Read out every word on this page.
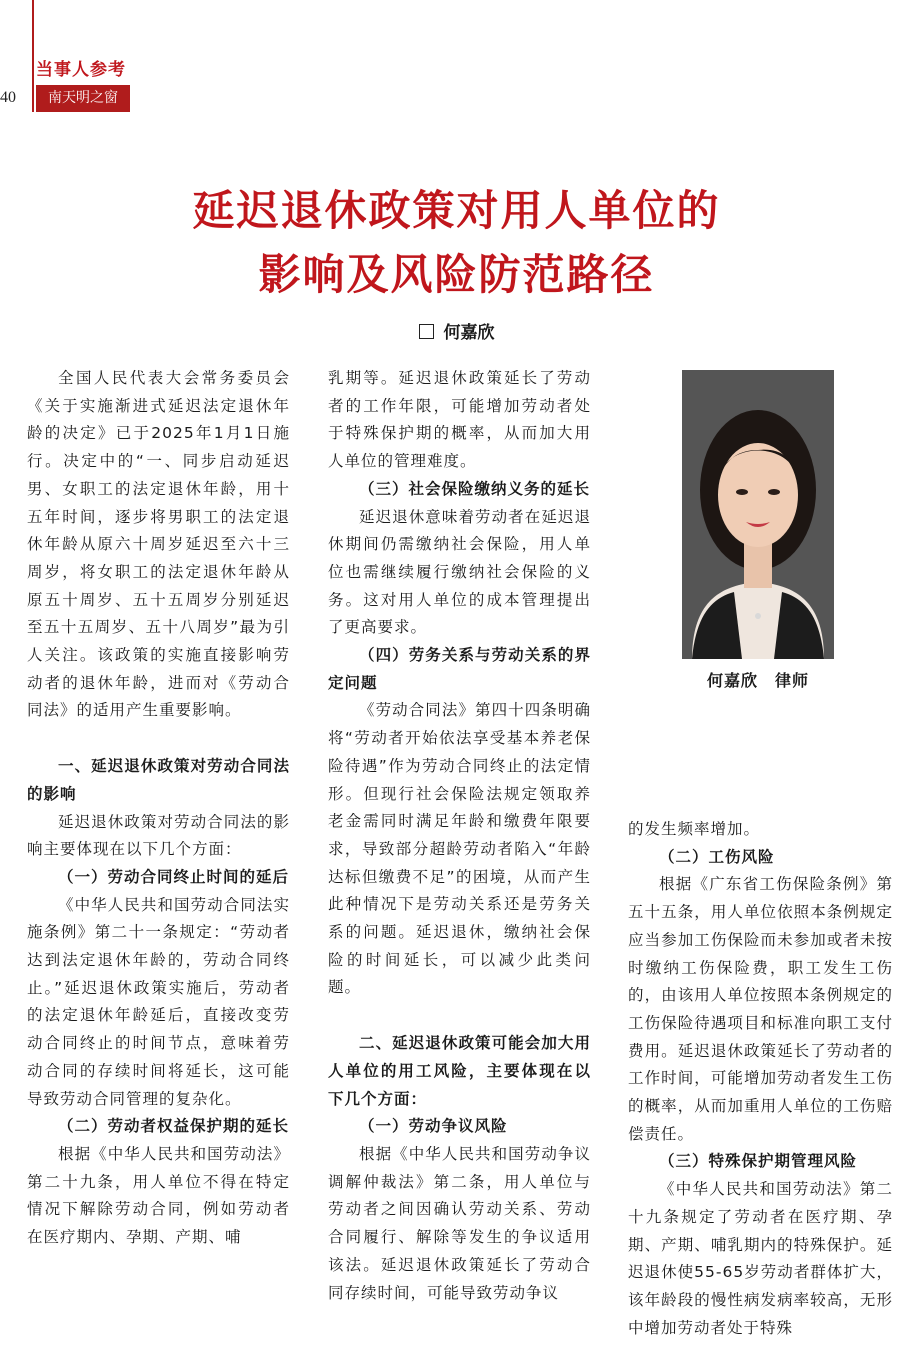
当事人参考
40	南天明之窗
延迟退休政策对用人单位的
影响及风险防范路径
何嘉欣

全国人民代表大会常务委员会《关于实施渐进式延迟法定退休年龄的决定》已于2025年1月1日施行。决定中的“一、同步启动延迟男、女职工的法定退休年龄，用十五年时间，逐步将男职工的法定退休年龄从原六十周岁延迟至六十三周岁，将女职工的法定退休年龄从原五十周岁、五十五周岁分别延迟至五十五周岁、五十八周岁”最为引人关注。该政策的实施直接影响劳动者的退休年龄，进而对《劳动合同法》的适用产生重要影响。

一、延迟退休政策对劳动合同法的影响

延迟退休政策对劳动合同法的影响主要体现在以下几个方面：

（一）劳动合同终止时间的延后

《中华人民共和国劳动合同法实施条例》第二十一条规定：“劳动者达到法定退休年龄的，劳动合同终止。”延迟退休政策实施后，劳动者的法定退休年龄延后，直接改变劳动合同终止的时间节点，意味着劳动合同的存续时间将延长，这可能导致劳动合同管理的复杂化。

（二）劳动者权益保护期的延长

根据《中华人民共和国劳动法》第二十九条，用人单位不得在特定情况下解除劳动合同，例如劳动者在医疗期内、孕期、产期、哺

乳期等。延迟退休政策延长了劳动者的工作年限，可能增加劳动者处于特殊保护期的概率，从而加大用人单位的管理难度。

（三）社会保险缴纳义务的延长

延迟退休意味着劳动者在延迟退休期间仍需缴纳社会保险，用人单位也需继续履行缴纳社会保险的义务。这对用人单位的成本管理提出了更高要求。

（四）劳务关系与劳动关系的界定问题

《劳动合同法》第四十四条明确将“劳动者开始依法享受基本养老保险待遇”作为劳动合同终止的法定情形。但现行社会保险法规定领取养老金需同时满足年龄和缴费年限要求，导致部分超龄劳动者陷入“年龄达标但缴费不足”的困境，从而产生此种情况下是劳动关系还是劳务关系的问题。延迟退休，缴纳社会保险的时间延长，可以减少此类问题。

二、延迟退休政策可能会加大用人单位的用工风险，主要体现在以下几个方面：
（一）劳动争议风险

根据《中华人民共和国劳动争议调解仲裁法》第二条，用人单位与劳动者之间因确认劳动关系、劳动合同履行、解除等发生的争议适用该法。延迟退休政策延长了劳动合同存续时间，可能导致劳动争议

何嘉欣　律师

的发生频率增加。

（二）工伤风险

根据《广东省工伤保险条例》第五十五条，用人单位依照本条例规定应当参加工伤保险而未参加或者未按时缴纳工伤保险费，职工发生工伤的，由该用人单位按照本条例规定的工伤保险待遇项目和标准向职工支付费用。延迟退休政策延长了劳动者的工作时间，可能增加劳动者发生工伤的概率，从而加重用人单位的工伤赔偿责任。

（三）特殊保护期管理风险

《中华人民共和国劳动法》第二十九条规定了劳动者在医疗期、孕期、产期、哺乳期内的特殊保护。延迟退休使55-65岁劳动者群体扩大，该年龄段的慢性病发病率较高，无形中增加劳动者处于特殊
